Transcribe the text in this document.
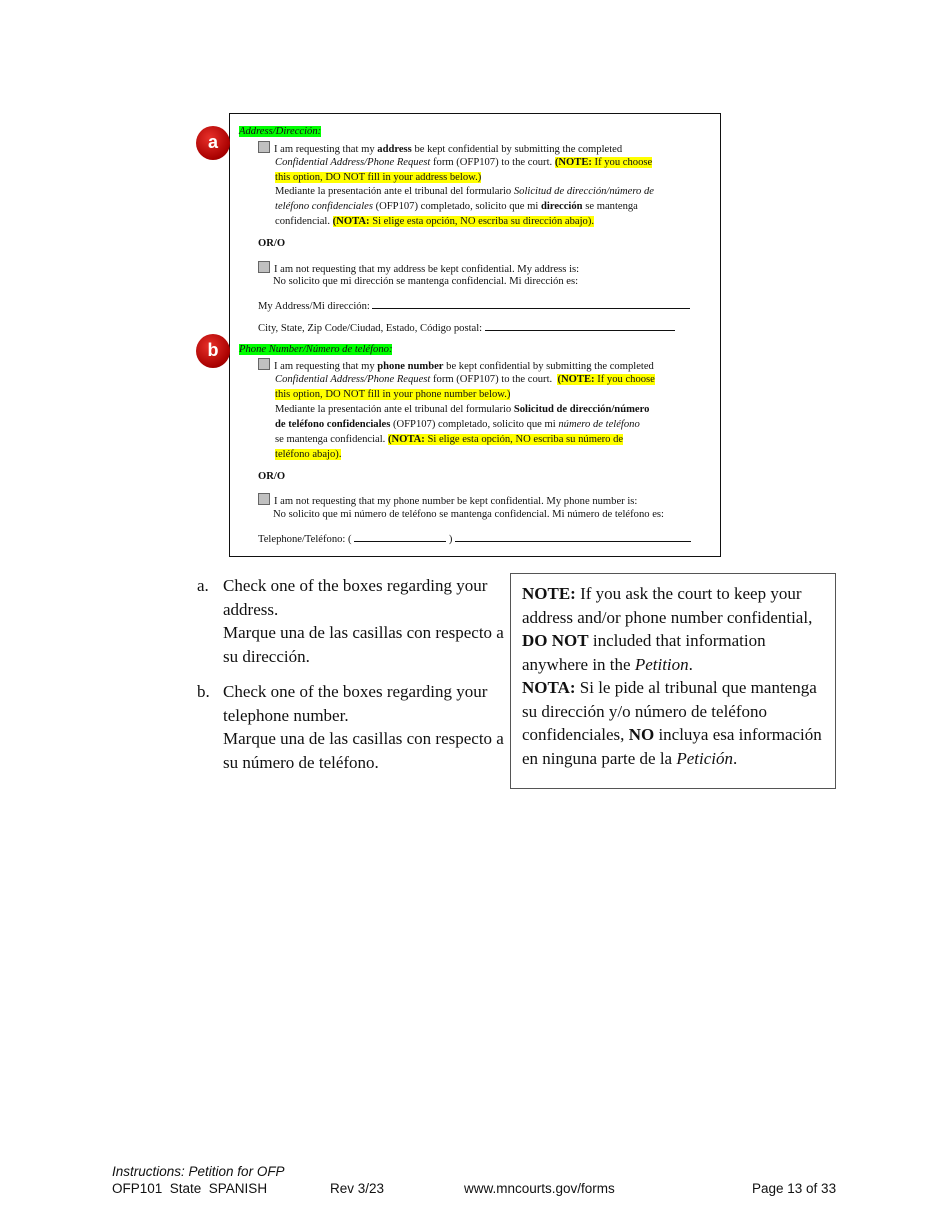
a
Address/Dirección:
I am requesting that my address be kept confidential by submitting the completed
Confidential Address/Phone Request form (OFP107) to the court. (NOTE: If you choose
this option, DO NOT fill in your address below.)
Mediante la presentación ante el tribunal del formulario Solicitud de dirección/número de
teléfono confidenciales (OFP107) completado, solicito que mi dirección se mantenga
confidencial. (NOTA: Si elige esta opción, NO escriba su dirección abajo).
OR/O
I am not requesting that my address be kept confidential. My address is:
No solicito que mi dirección se mantenga confidencial. Mi dirección es:
My Address/Mi dirección:
City, State, Zip Code/Ciudad, Estado, Código postal:
b	Phone Number/Número de teléfono:
I am requesting that my phone number be kept confidential by submitting the completed
Confidential Address/Phone Request form (OFP107) to the court.  (NOTE: If you choose
this option, DO NOT fill in your phone number below.)
Mediante la presentación ante el tribunal del formulario Solicitud de dirección/número
de teléfono confidenciales (OFP107) completado, solicito que mi número de teléfono
se mantenga confidencial. (NOTA: Si elige esta opción, NO escriba su número de
teléfono abajo).
OR/O
I am not requesting that my phone number be kept confidential. My phone number is:
No solicito que mi número de teléfono se mantenga confidencial. Mi número de teléfono es:
Telephone/Teléfono: (	)
a. Check one of the boxes regarding your address.
Marque una de las casillas con respecto a su dirección.
b. Check one of the boxes regarding your telephone number.
Marque una de las casillas con respecto a su número de teléfono.
NOTE: If you ask the court to keep your address and/or phone number confidential, DO NOT included that information anywhere in the Petition.
NOTA: Si le pide al tribunal que mantenga su dirección y/o número de teléfono confidenciales, NO incluya esa información en ninguna parte de la Petición.
Instructions: Petition for OFP
OFP101  State  SPANISH	Rev 3/23	www.mncourts.gov/forms	Page 13 of 33
